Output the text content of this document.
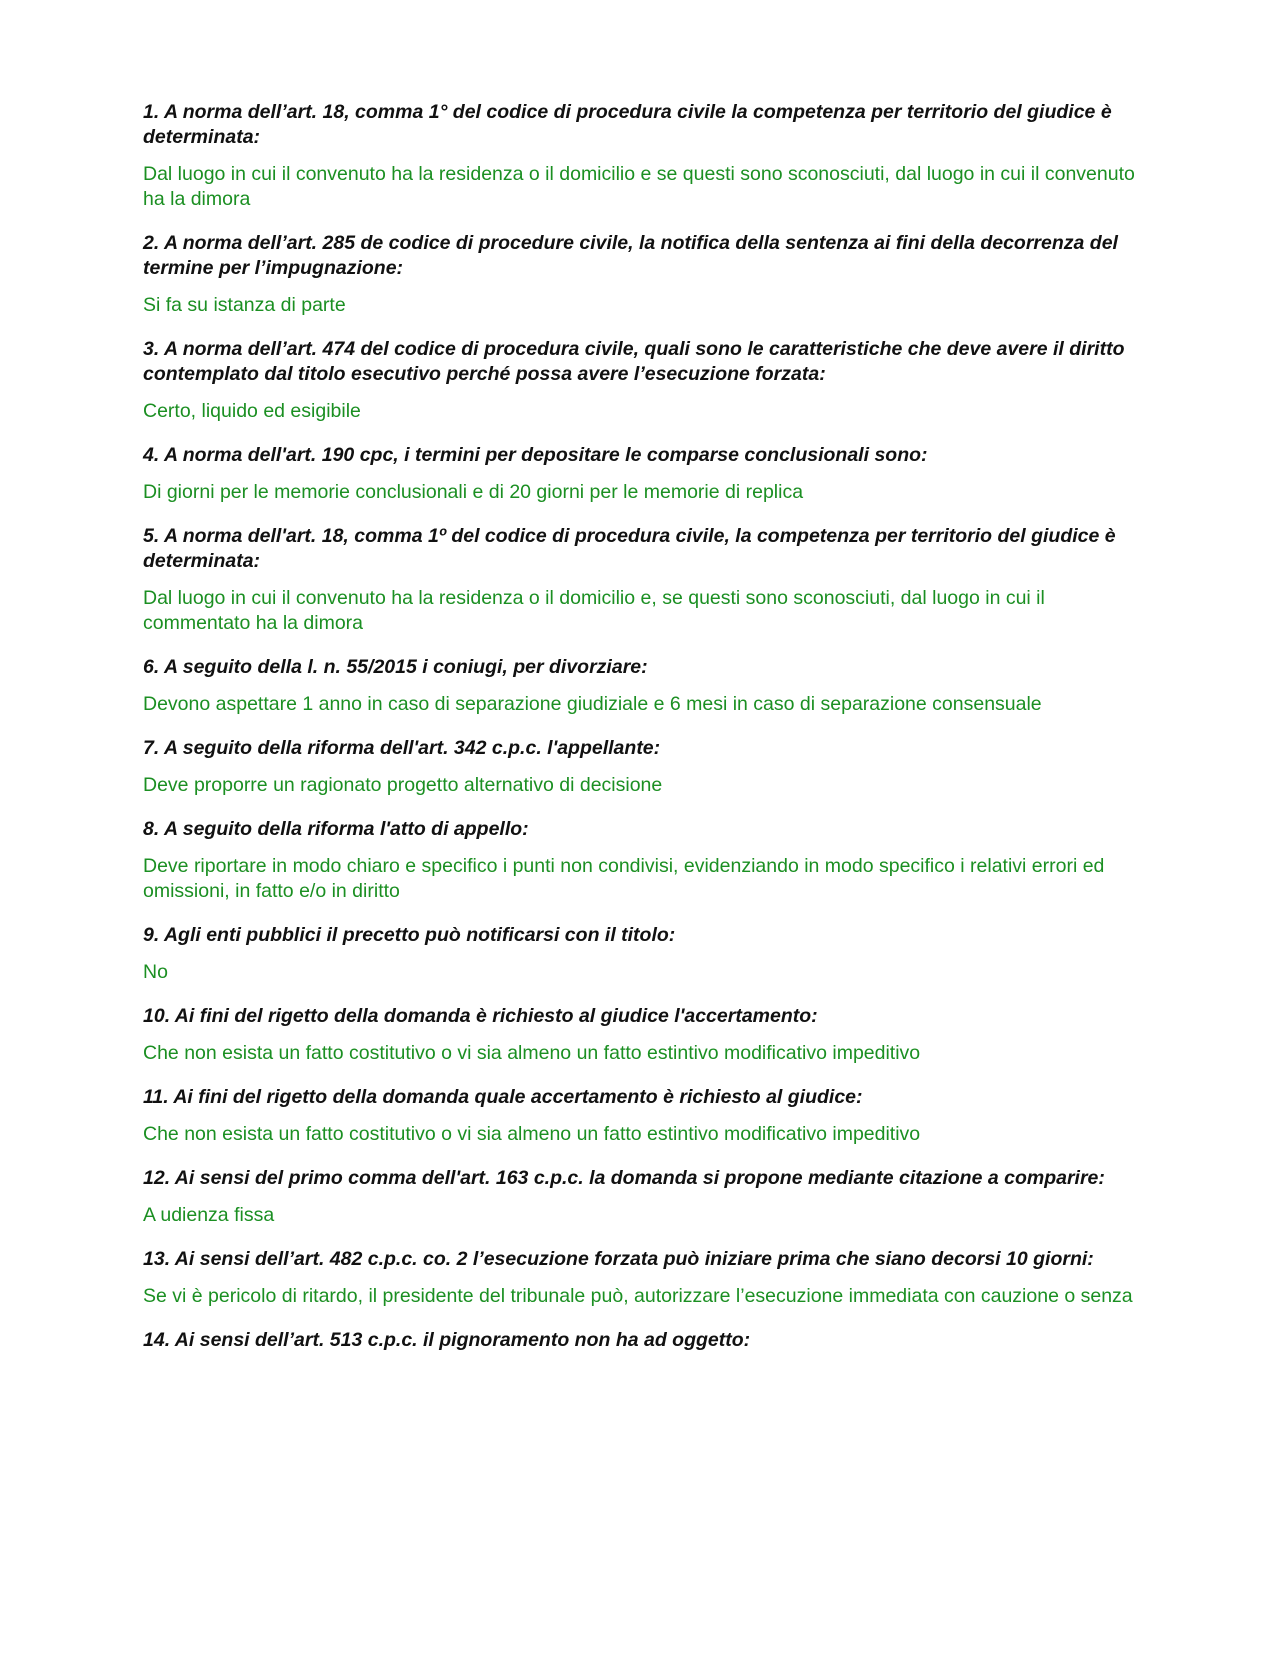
1. A norma dell’art. 18, comma 1° del codice di procedura civile la competenza per territorio del giudice è determinata:

Dal luogo in cui il convenuto ha la residenza o il domicilio e se questi sono sconosciuti, dal luogo in cui il convenuto ha la dimora

2. A norma dell’art. 285 de codice di procedure civile, la notifica della sentenza ai fini della decorrenza del termine per l’impugnazione:

Si fa su istanza di parte

3. A norma dell’art. 474 del codice di procedura civile, quali sono le caratteristiche che deve avere il diritto contemplato dal titolo esecutivo perché possa avere l’esecuzione forzata:

Certo, liquido ed esigibile

4. A norma dell'art. 190 cpc, i termini per depositare le comparse conclusionali sono:

Di giorni per le memorie conclusionali e di 20 giorni per le memorie di replica

5. A norma dell'art. 18, comma 1º del codice di procedura civile, la competenza per territorio del giudice è determinata:

Dal luogo in cui il convenuto ha la residenza o il domicilio e, se questi sono sconosciuti, dal luogo in cui il commentato ha la dimora

6. A seguito della l. n. 55/2015 i coniugi, per divorziare:

Devono aspettare 1 anno in caso di separazione giudiziale e 6 mesi in caso di separazione consensuale

7. A seguito della riforma dell'art. 342 c.p.c. l'appellante:

Deve proporre un ragionato progetto alternativo di decisione

8. A seguito della riforma l'atto di appello:

Deve riportare in modo chiaro e specifico i punti non condivisi, evidenziando in modo specifico i relativi errori ed omissioni, in fatto e/o in diritto

9. Agli enti pubblici il precetto può notificarsi con il titolo:

No

10. Ai fini del rigetto della domanda è richiesto al giudice l'accertamento:

Che non esista un fatto costitutivo o vi sia almeno un fatto estintivo modificativo impeditivo

11. Ai fini del rigetto della domanda quale accertamento è richiesto al giudice:

Che non esista un fatto costitutivo o vi sia almeno un fatto estintivo modificativo impeditivo

12. Ai sensi del primo comma dell'art. 163 c.p.c. la domanda si propone mediante citazione a comparire:

A udienza fissa

13. Ai sensi dell’art. 482 c.p.c. co. 2 l’esecuzione forzata può iniziare prima che siano decorsi 10 giorni:

Se vi è pericolo di ritardo, il presidente del tribunale può, autorizzare l’esecuzione immediata con cauzione o senza

14. Ai sensi dell’art. 513 c.p.c. il pignoramento non ha ad oggetto:
